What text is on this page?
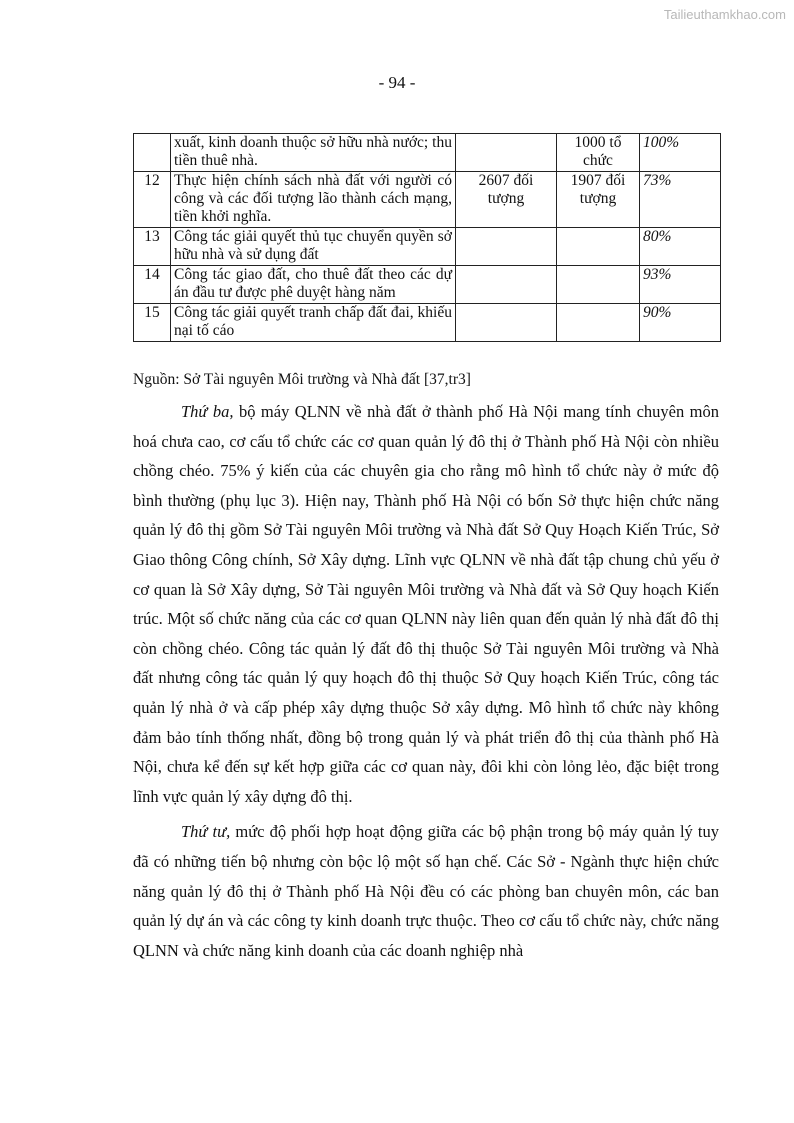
Tailieuthamkhao.com
- 94 -
	xuất, kinh doanh thuộc sở hữu nhà nước; thu tiền thuê nhà.		1000 tổ chức	100%
12	Thực hiện chính sách nhà đất với người có công và các đối tượng lão thành cách mạng, tiền khởi nghĩa.	2607 đối tượng	1907 đối tượng	73%
13	Công tác giải quyết thủ tục chuyển quyền sở hữu nhà và sử dụng đất			80%
14	Công tác giao đất, cho thuê đất theo các dự án đầu tư được phê duyệt hàng năm			93%
15	Công tác giải quyết tranh chấp đất đai, khiếu nại tố cáo			90%
Nguồn: Sở Tài nguyên Môi trường và Nhà đất [37,tr3]

Thứ ba, bộ máy QLNN về nhà đất ở thành phố Hà Nội mang tính chuyên môn hoá chưa cao, cơ cấu tổ chức các cơ quan quản lý đô thị ở Thành phố Hà Nội còn nhiều chồng chéo. 75% ý kiến của các chuyên gia cho rằng mô hình tổ chức này ở mức độ bình thường (phụ lục 3). Hiện nay, Thành phố Hà Nội có bốn Sở thực hiện chức năng quản lý đô thị gồm Sở Tài nguyên Môi trường và Nhà đất Sở Quy Hoạch Kiến Trúc, Sở Giao thông Công chính, Sở Xây dựng. Lĩnh vực QLNN về nhà đất tập chung chủ yếu ở cơ quan là Sở Xây dựng, Sở Tài nguyên Môi trường và Nhà đất và Sở Quy hoạch Kiến trúc. Một số chức năng của các cơ quan QLNN này liên quan đến quản lý nhà đất đô thị còn chồng chéo. Công tác quản lý đất đô thị thuộc Sở Tài nguyên Môi trường và Nhà đất nhưng công tác quản lý quy hoạch đô thị thuộc Sở Quy hoạch Kiến Trúc, công tác quản lý nhà ở và cấp phép xây dựng thuộc Sở xây dựng. Mô hình tổ chức này không đảm bảo tính thống nhất, đồng bộ trong quản lý và phát triển đô thị của thành phố Hà Nội, chưa kể đến sự kết hợp giữa các cơ quan này, đôi khi còn lỏng lẻo, đặc biệt trong lĩnh vực quản lý xây dựng đô thị.

Thứ tư, mức độ phối hợp hoạt động giữa các bộ phận trong bộ máy quản lý tuy đã có những tiến bộ nhưng còn bộc lộ một số hạn chế. Các Sở - Ngành thực hiện chức năng quản lý đô thị ở Thành phố Hà Nội đều có các phòng ban chuyên môn, các ban quản lý dự án và các công ty kinh doanh trực thuộc. Theo cơ cấu tổ chức này, chức năng QLNN và chức năng kinh doanh của các doanh nghiệp nhà
